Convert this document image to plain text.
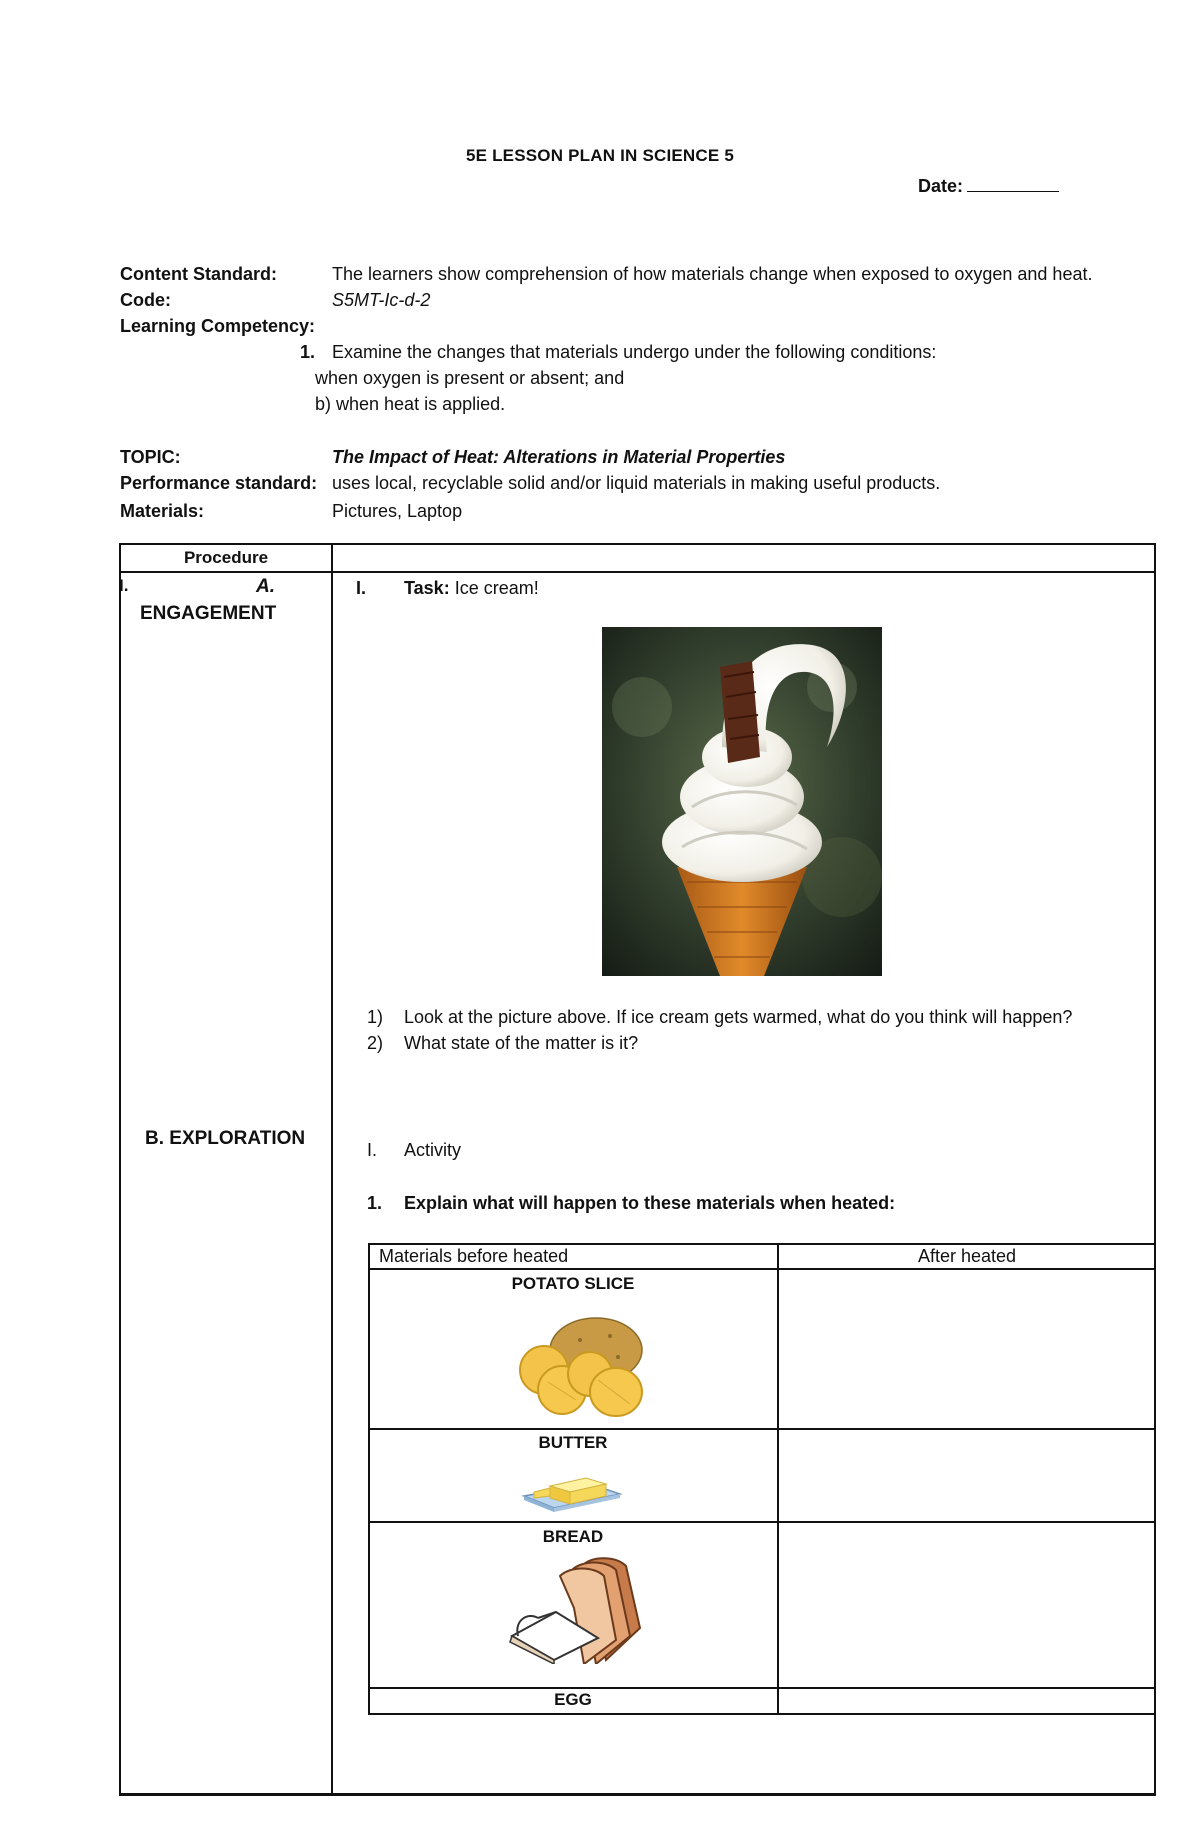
5E LESSON PLAN IN SCIENCE 5
Date:
Content Standard:	The learners show comprehension of how materials change when exposed to oxygen and heat.
Code:	S5MT-Ic-d-2
Learning Competency:
1. Examine the changes that materials undergo under the following conditions:
when oxygen is present or absent; and
b) when heat is applied.
TOPIC:	The Impact of Heat: Alterations in Material Properties
Performance standard: uses local, recyclable solid and/or liquid materials in making useful products.
Materials:	Pictures, Laptop
Procedure
I.	A.
ENGAGEMENT
B. EXPLORATION
I. Task: Ice cream!
1) Look at the picture above. If ice cream gets warmed, what do you think will happen?
2) What state of the matter is it?
I. Activity
1. Explain what will happen to these materials when heated:
Materials before heated	After heated
POTATO SLICE
BUTTER
BREAD
EGG
